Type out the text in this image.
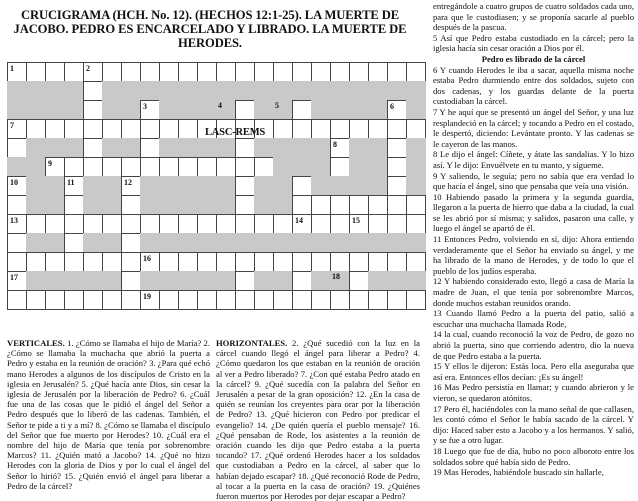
CRUCIGRAMA (HCH. No. 12). (HECHOS 12:1-25). LA MUERTE DE JACOBO. PEDRO ES ENCARCELADO Y LIBRADO. LA MUERTE DE HERODES.
1	2
3	4	5	6
7
8
9
10	11	12
13	14	15
16
17	18
19
LASC-REMS
VERTICALES. 1. ¿Cómo se llamaba el hijo de María? 2. ¿Cómo se llamaba la muchacha que abrió la puerta a Pedro y estaba en la reunión de oración? 3. ¿Para qué echó mano Herodes a algunos de los discípulos de Cristo en la iglesia en Jerusalén? 5. ¿Qué hacía ante Dios, sin cesar la iglesia de Jerusalén por la liberación de Pedro? 6. ¿Cuál fue una de las cosas que le pidió el ángel del Señor a Pedro después que lo liberó de las cadenas. También, el Señor te pide a ti y a mí? 8. ¿Cómo se llamaba el discípulo del Señor que fue muerto por Herodes? 10. ¿Cuál era el nombre del hijo de María que tenía por sobrenombre Marcos? 11. ¿Quién mató a Jacobo? 14. ¿Qué no hizo Herodes con la gloria de Dios y por lo cual el ángel del Señor lo hirió? 15. ¿Quién envió el ángel para liberar a Pedro de la cárcel?
HORIZONTALES. 2. ¿Qué sucedió con la luz en la cárcel cuando llegó el ángel para liberar a Pedro? 4. ¿Cómo quedaron los que estaban en la reunión de oración al ver a Pedro liberado? 7. ¿Con qué estaba Pedro atado en la cárcel? 9. ¿Qué sucedía con la palabra del Señor en Jerusalén a pesar de la gran oposición? 12. ¿En la casa de quién se reunían los creyentes para orar por la liberación de Pedro? 13. ¿Qué hicieron con Pedro por predicar el evangelio? 14. ¿De quién quería el pueblo mensaje? 16. ¿Qué pensaban de Rode, los asistentes a la reunión de oración cuando les dijo que Pedro estaba a la puerta tocando? 17. ¿Qué ordenó Herodes hacer a los soldados que custodiaban a Pedro en la cárcel, al saber que lo habían dejado escapar? 18. ¿Qué reconoció Rode de Pedro, al tocar a la puerta en la casa de oración? 19. ¿Quiénes fueron muertos por Herodes por dejar escapar a Pedro?

entregándole a cuatro grupos de cuatro soldados cada uno, para que le custodiasen; y se proponía sacarle al pueblo después de la pascua.

5 Así que Pedro estaba custodiado en la cárcel; pero la iglesia hacía sin cesar oración a Dios por él.

Pedro es librado de la cárcel

6 Y cuando Herodes le iba a sacar, aquella misma noche estaba Pedro durmiendo entre dos soldados, sujeto con dos cadenas, y los guardas delante de la puerta custodiaban la cárcel.

7 Y he aquí que se presentó un ángel del Señor, y una luz resplandeció en la cárcel; y tocando a Pedro en el costado, le despertó, diciendo: Levántate pronto. Y las cadenas se le cayeron de las manos.

8 Le dijo el ángel: Cíñete, y átate las sandalias. Y lo hizo así. Y le dijo: Envuélvete en tu manto, y sígueme.

9 Y saliendo, le seguía; pero no sabía que era verdad lo que hacía el ángel, sino que pensaba que veía una visión.

10 Habiendo pasado la primera y la segunda guardia, llegaron a la puerta de hierro que daba a la ciudad, la cual se les abrió por sí misma; y salidos, pasaron una calle, y luego el ángel se apartó de él.

11 Entonces Pedro, volviendo en sí, dijo: Ahora entiendo verdaderamente que el Señor ha enviado su ángel, y me ha librado de la mano de Herodes, y de todo lo que el pueblo de los judíos esperaba.

12 Y habiendo considerado esto, llegó a casa de María la madre de Juan, el que tenía por sobrenombre Marcos, donde muchos estaban reunidos orando.

13 Cuando llamó Pedro a la puerta del patio, salió a escuchar una muchacha llamada Rode,

14 la cual, cuando reconoció la voz de Pedro, de gozo no abrió la puerta, sino que corriendo adentro, dio la nueva de que Pedro estaba a la puerta.

15 Y ellos le dijeron: Estás loca. Pero ella aseguraba que así era. Entonces ellos decían: ¡Es su ángel!

16 Mas Pedro persistía en llamar; y cuando abrieron y le vieron, se quedaron atónitos.

17 Pero él, haciéndoles con la mano señal de que callasen, les contó cómo el Señor le había sacado de la cárcel. Y dijo: Haced saber esto a Jacobo y a los hermanos. Y salió, y se fue a otro lugar.

18 Luego que fue de día, hubo no poco alboroto entre los soldados sobre qué había sido de Pedro.

19 Mas Herodes, habiéndole buscado sin hallarle,
